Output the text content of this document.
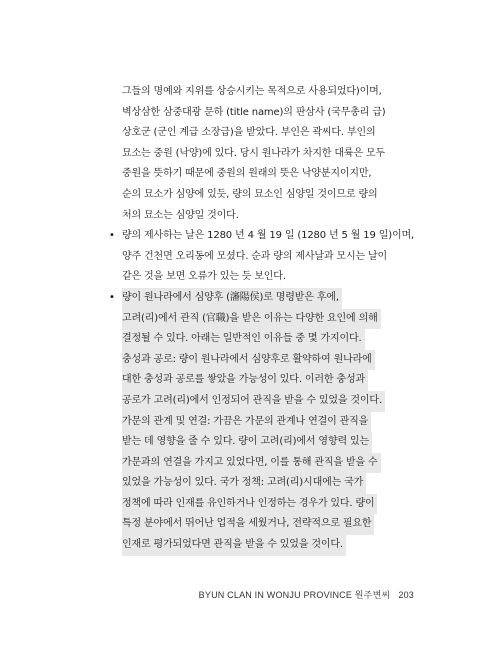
그들의 명예와 지위를 상승시키는 목적으로 사용되었다)이며,
벽상삼한 삼중대광 문하 (title name)의 판삼사 (국무총리 급)
상호군 (군인 계급 소장급)을 받았다. 부인은 곽씨다. 부인의
묘소는 중원 (낙양)에 있다. 당시 원나라가 차지한 대륙은 모두
중원을 뜻하기 때문에 중원의 원래의 뜻은 낙양분지이지만,
순의 묘소가 심양에 있듯, 량의 묘소인 심양일 것이므로 량의
처의 묘소는 심양일 것이다.
• 량의 제사하는 날은 1280 년 4 월 19 일 (1280 년 5 월 19 일)이며,
양주 건천면 오리동에 모셨다. 순과 량의 제사날과 모시는 날이
같은 것을 보면 오류가 있는 듯 보인다.
• 량이 원나라에서 심양후 (瀋陽侯)로 명령받은 후에,
고려(리)에서 관직 (官職)을 받은 이유는 다양한 요인에 의해
결정될 수 있다. 아래는 일반적인 이유들 중 몇 가지이다.
충성과 공로: 량이 원나라에서 심양후로 활약하여 원나라에
대한 충성과 공로를 쌓았을 가능성이 있다. 이러한 충성과
공로가 고려(리)에서 인정되어 관직을 받을 수 있었을 것이다.
가문의 관계 및 연결: 가끔은 가문의 관계나 연결이 관직을
받는 데 영향을 줄 수 있다. 량이 고려(리)에서 영향력 있는
가문과의 연결을 가지고 있었다면, 이를 통해 관직을 받을 수
있었을 가능성이 있다. 국가 정책: 고려(리)시대에는 국가
정책에 따라 인재를 유인하거나 인정하는 경우가 있다. 량이
특정 분야에서 뛰어난 업적을 세웠거나, 전략적으로 필요한
인재로 평가되었다면 관직을 받을 수 있었을 것이다.
BYUN CLAN IN WONJU PROVINCE 원주변씨 203
